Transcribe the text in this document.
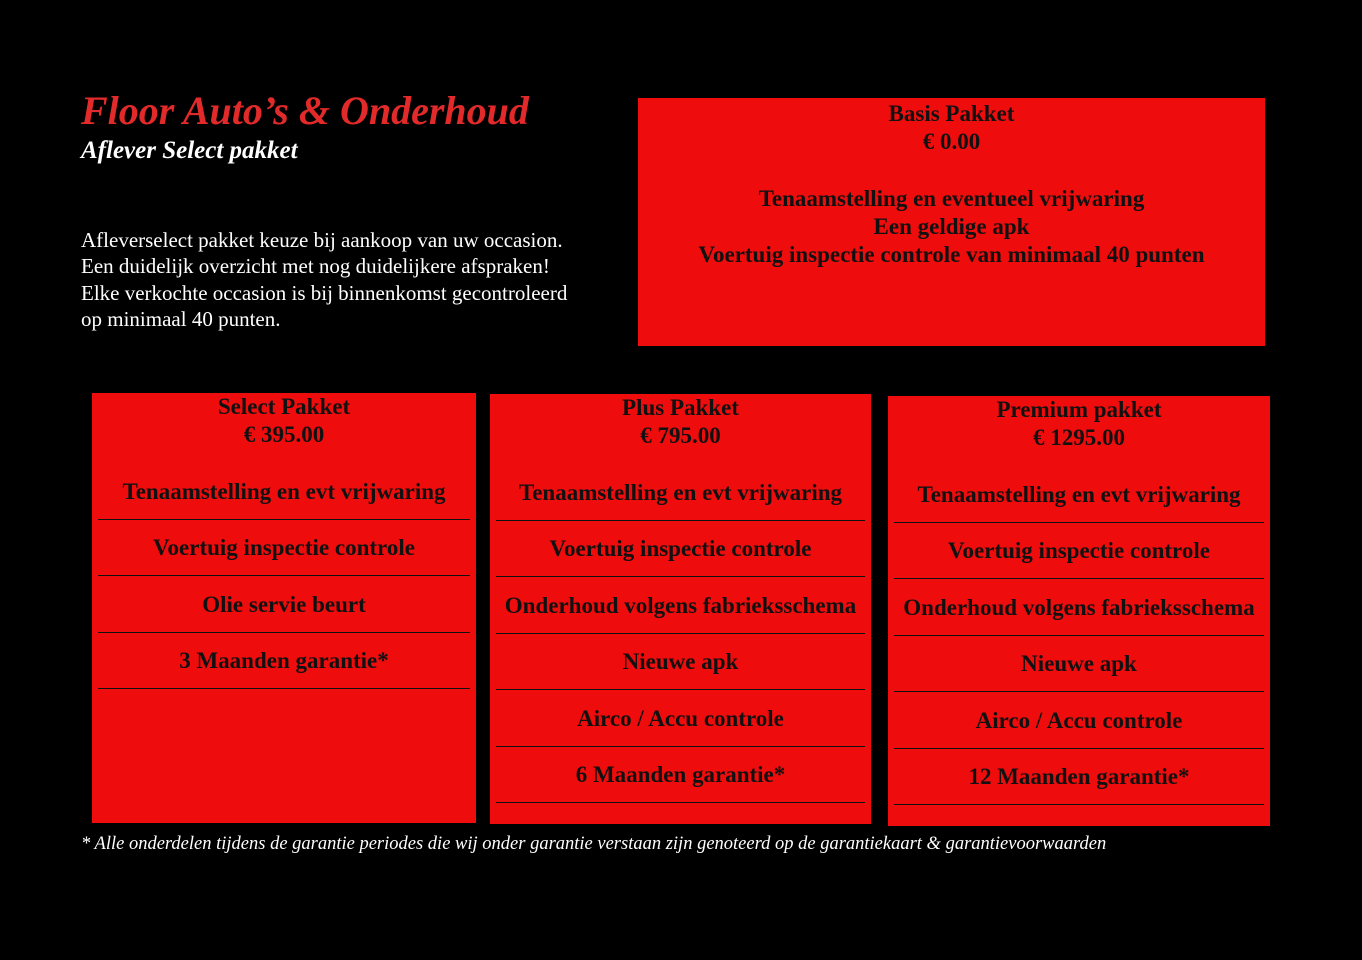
Floor Auto’s & Onderhoud
Aflever Select pakket
Afleverselect pakket keuze bij aankoop van uw occasion.
Een duidelijk overzicht met nog duidelijkere afspraken!
Elke verkochte occasion is bij binnenkomst gecontroleerd
op minimaal 40 punten.
Basis Pakket
€ 0.00
Tenaamstelling en eventueel vrijwaring
Een geldige apk
Voertuig inspectie controle van minimaal 40 punten
Select Pakket
€ 395.00
Tenaamstelling en evt vrijwaring
Voertuig inspectie controle
Olie servie beurt
3 Maanden garantie*
Plus Pakket
€ 795.00
Tenaamstelling en evt vrijwaring
Voertuig inspectie controle
Onderhoud volgens fabrieksschema
Nieuwe apk
Airco / Accu controle
6 Maanden garantie*
Premium pakket
€ 1295.00
Tenaamstelling en evt vrijwaring
Voertuig inspectie controle
Onderhoud volgens fabrieksschema
Nieuwe apk
Airco / Accu controle
12 Maanden garantie*
* Alle onderdelen tijdens de garantie periodes die wij onder garantie verstaan zijn genoteerd op de garantiekaart & garantievoorwaarden
